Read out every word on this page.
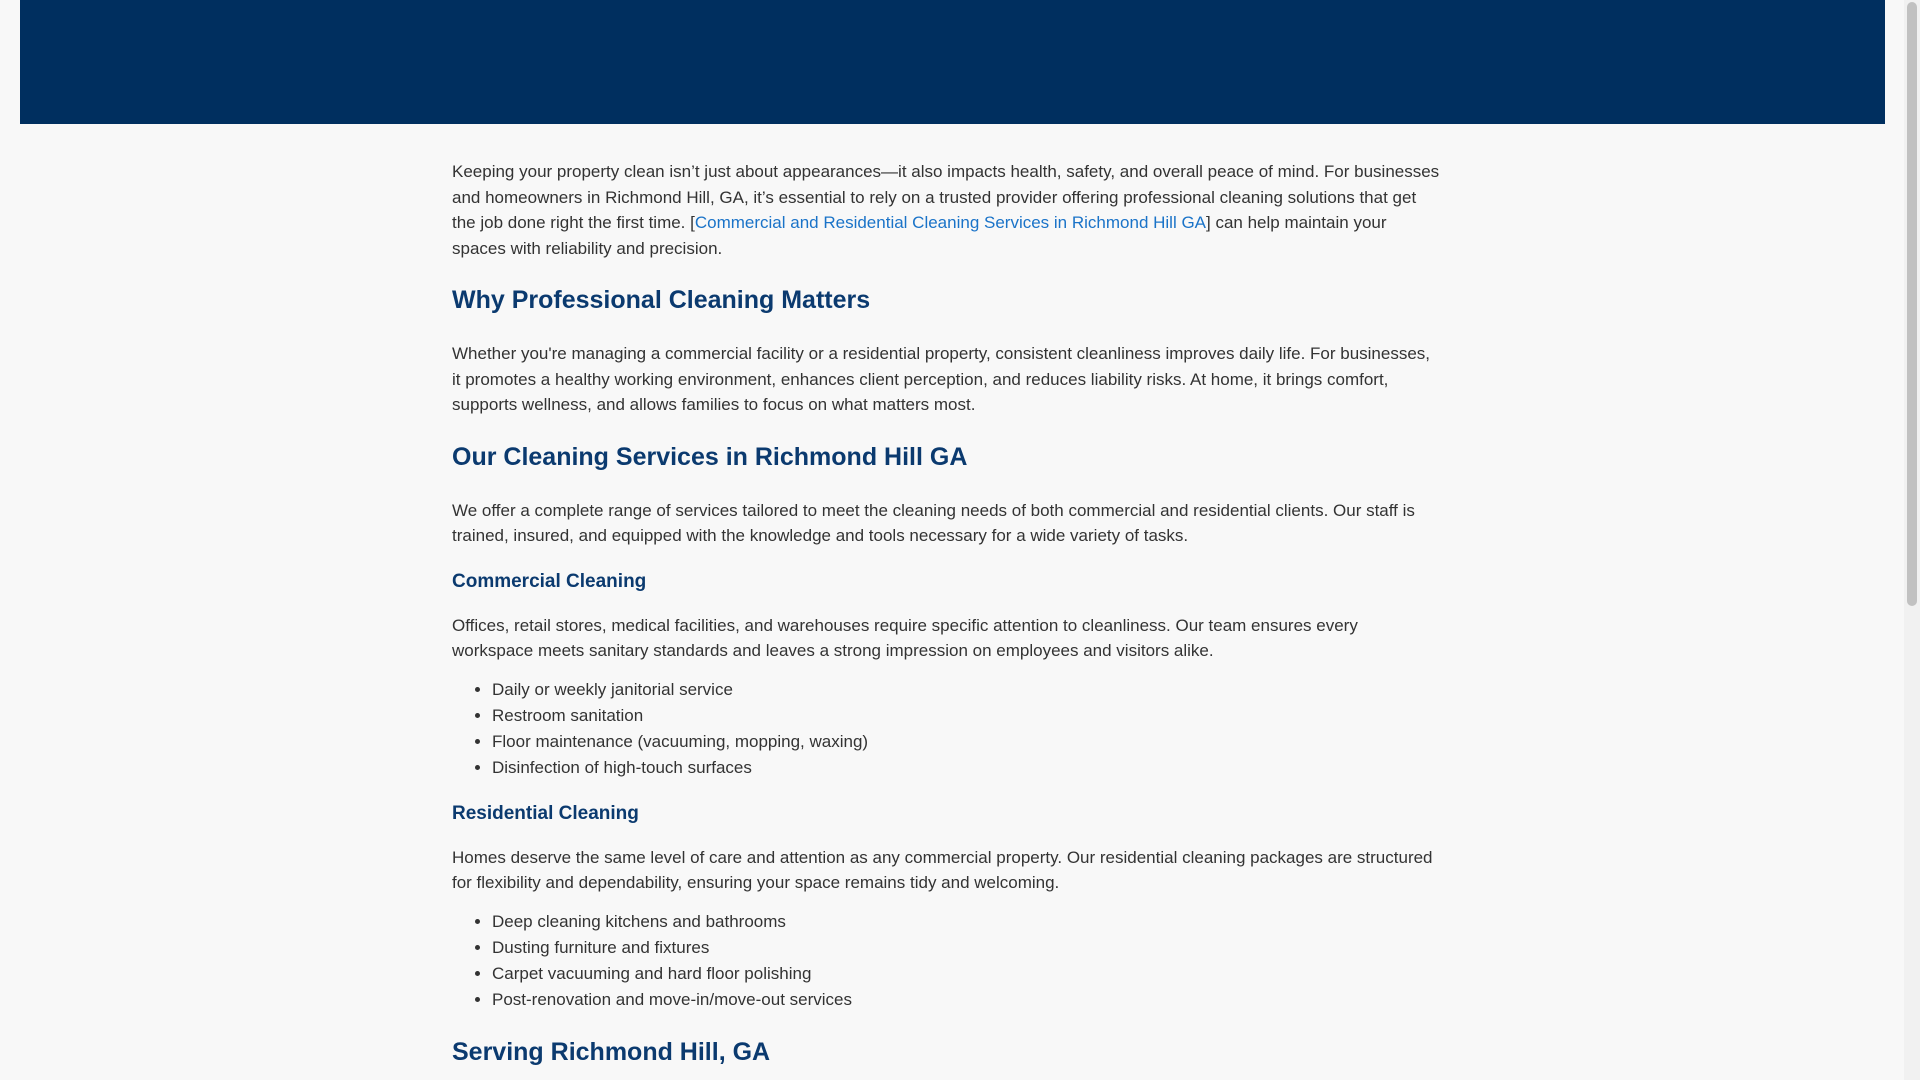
Keeping your property clean isn’t just about appearances—it also impacts health, safety, and overall peace of mind. For businesses and homeowners in Richmond Hill, GA, it’s essential to rely on a trusted provider offering professional cleaning solutions that get the job done right the first time. [Commercial and Residential Cleaning Services in Richmond Hill GA] can help maintain your spaces with reliability and precision.

Why Professional Cleaning Matters

Whether you're managing a commercial facility or a residential property, consistent cleanliness improves daily life. For businesses, it promotes a healthy working environment, enhances client perception, and reduces liability risks. At home, it brings comfort, supports wellness, and allows families to focus on what matters most.

Our Cleaning Services in Richmond Hill GA

We offer a complete range of services tailored to meet the cleaning needs of both commercial and residential clients. Our staff is trained, insured, and equipped with the knowledge and tools necessary for a wide variety of tasks.

Commercial Cleaning

Offices, retail stores, medical facilities, and warehouses require specific attention to cleanliness. Our team ensures every workspace meets sanitary standards and leaves a strong impression on employees and visitors alike.

• Daily or weekly janitorial service
• Restroom sanitation
• Floor maintenance (vacuuming, mopping, waxing)
• Disinfection of high-touch surfaces
Residential Cleaning

Homes deserve the same level of care and attention as any commercial property. Our residential cleaning packages are structured for flexibility and dependability, ensuring your space remains tidy and welcoming.

• Deep cleaning kitchens and bathrooms
• Dusting furniture and fixtures
• Carpet vacuuming and hard floor polishing
• Post-renovation and move-in/move-out services
Serving Richmond Hill, GA
